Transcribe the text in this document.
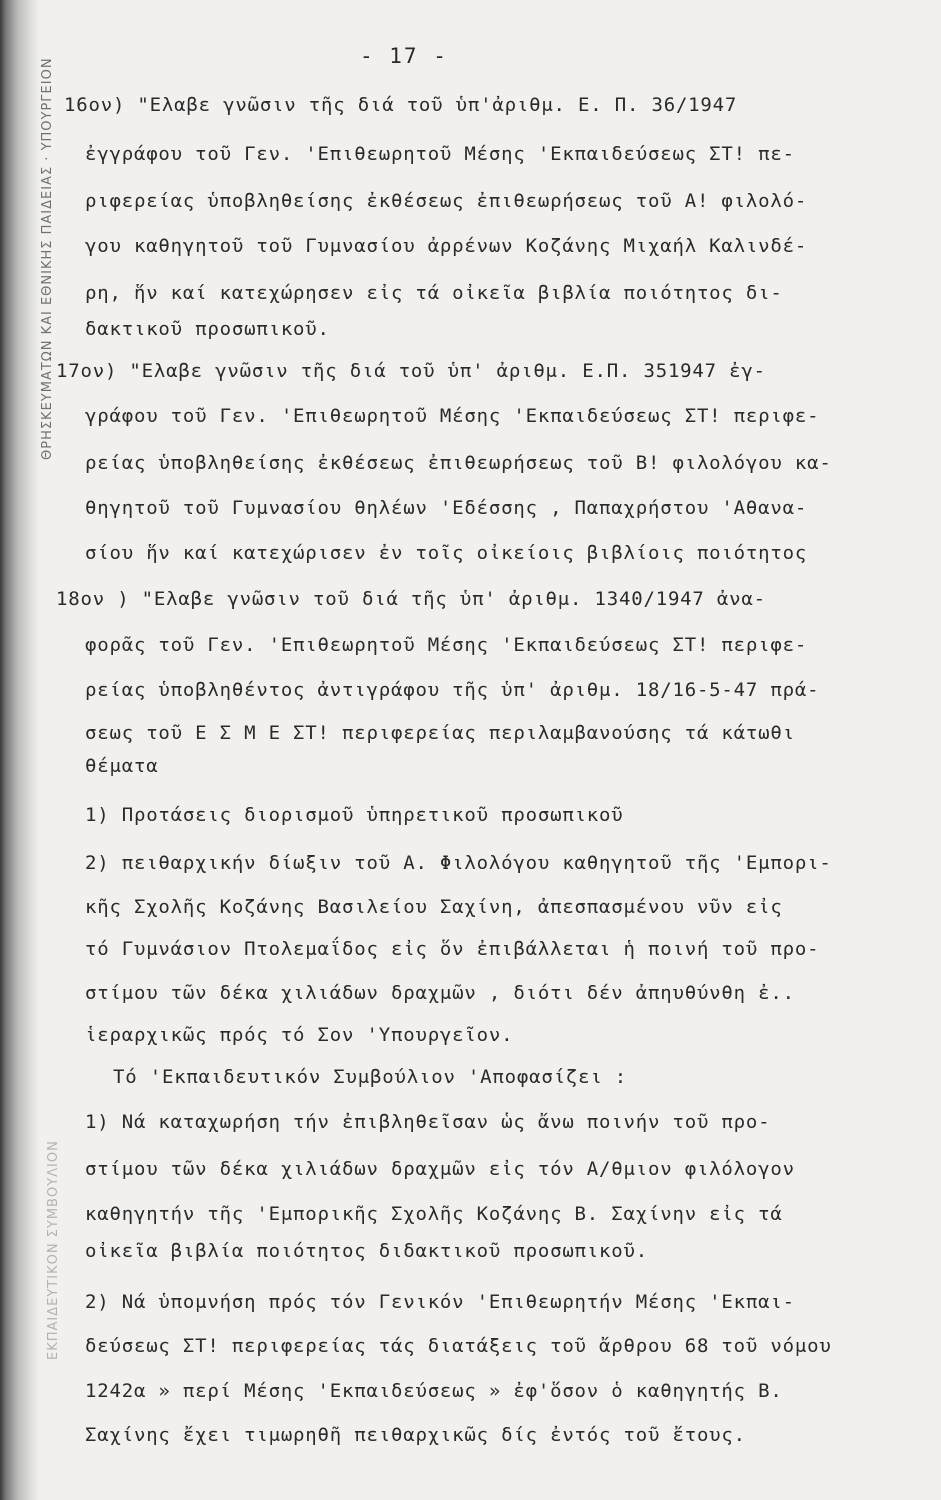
ΘΡΗΣΚΕΥΜΑΤΩΝ ΚΑΙ ΕΘΝΙΚΗΣ ΠΑΙΔΕΙΑΣ · ΥΠΟΥΡΓΕΙΟΝ
ΕΚΠΑΙΔΕΥΤΙΚΟΝ ΣΥΜΒΟΥΛΙΟΝ
- 17 -
16ον) "Ελαβε γνῶσιν τῆς διά τοῦ ὑπ'ἀριθμ. Ε. Π. 36/1947
ἐγγράφου τοῦ Γεν. 'Επιθεωρητοῦ Μέσης 'Εκπαιδεύσεως ΣΤ! πε-
ριφερείας ὑποβληθείσης ἐκθέσεως ἐπιθεωρήσεως τοῦ Α! φιλολό-
γου καθηγητοῦ τοῦ Γυμνασίου ἀρρένων Κοζάνης Μιχαήλ Καλινδέ-
ρη, ἥν καί κατεχώρησεν εἰς τά οἰκεῖα βιβλία ποιότητος δι-
δακτικοῦ προσωπικοῦ.
17ον) "Ελαβε γνῶσιν τῆς διά τοῦ ὑπ' ἀριθμ. Ε.Π. 351947 ἐγ-
γράφου τοῦ Γεν. 'Επιθεωρητοῦ Μέσης 'Εκπαιδεύσεως ΣΤ! περιφε-
ρείας ὑποβληθείσης ἐκθέσεως ἐπιθεωρήσεως τοῦ Β! φιλολόγου κα-
θηγητοῦ τοῦ Γυμνασίου θηλέων 'Εδέσσης , Παπαχρήστου 'Αθανα-
σίου ἥν καί κατεχώρισεν ἐν τοῖς οἰκείοις βιβλίοις ποιότητος
18ον ) "Ελαβε γνῶσιν τοῦ διά τῆς ὑπ' ἀριθμ. 1340/1947 ἀνα-
φορᾶς τοῦ Γεν. 'Επιθεωρητοῦ Μέσης 'Εκπαιδεύσεως ΣΤ! περιφε-
ρείας ὑποβληθέντος ἀντιγράφου τῆς ὑπ' ἀριθμ. 18/16-5-47 πρά-
σεως τοῦ Ε Σ Μ Ε ΣΤ! περιφερείας περιλαμβανούσης τά κάτωθι
θέματα
1) Προτάσεις διορισμοῦ ὑπηρετικοῦ προσωπικοῦ
2) πειθαρχικήν δίωξιν τοῦ Α. Φιλολόγου καθηγητοῦ τῆς 'Εμπορι-
κῆς Σχολῆς Κοζάνης Βασιλείου Σαχίνη, ἀπεσπασμένου νῦν εἰς
τό Γυμνάσιον Πτολεμαΐδος εἰς ὅν ἐπιβάλλεται ἡ ποινή τοῦ προ-
στίμου τῶν δέκα χιλιάδων δραχμῶν , διότι δέν ἀπηυθύνθη ἐ..
ἱεραρχικῶς πρός τό Σον 'Υπουργεῖον.
Τό 'Εκπαιδευτικόν Συμβούλιον 'Αποφασίζει :
1) Νά καταχωρήση τήν ἐπιβληθεῖσαν ὡς ἄνω ποινήν τοῦ προ-
στίμου τῶν δέκα χιλιάδων δραχμῶν εἰς τόν Α/θμιον φιλόλογον
καθηγητήν τῆς 'Εμπορικῆς Σχολῆς Κοζάνης Β. Σαχίνην εἰς τά
οἰκεῖα βιβλία ποιότητος διδακτικοῦ προσωπικοῦ.
2) Νά ὑπομνήση πρός τόν Γενικόν 'Επιθεωρητήν Μέσης 'Εκπαι-
δεύσεως ΣΤ! περιφερείας τάς διατάξεις τοῦ ἄρθρου 68 τοῦ νόμου
1242α » περί Μέσης 'Εκπαιδεύσεως » ἐφ'ὅσον ὁ καθηγητής Β.
Σαχίνης ἔχει τιμωρηθῆ πειθαρχικῶς δίς ἐντός τοῦ ἔτους.
